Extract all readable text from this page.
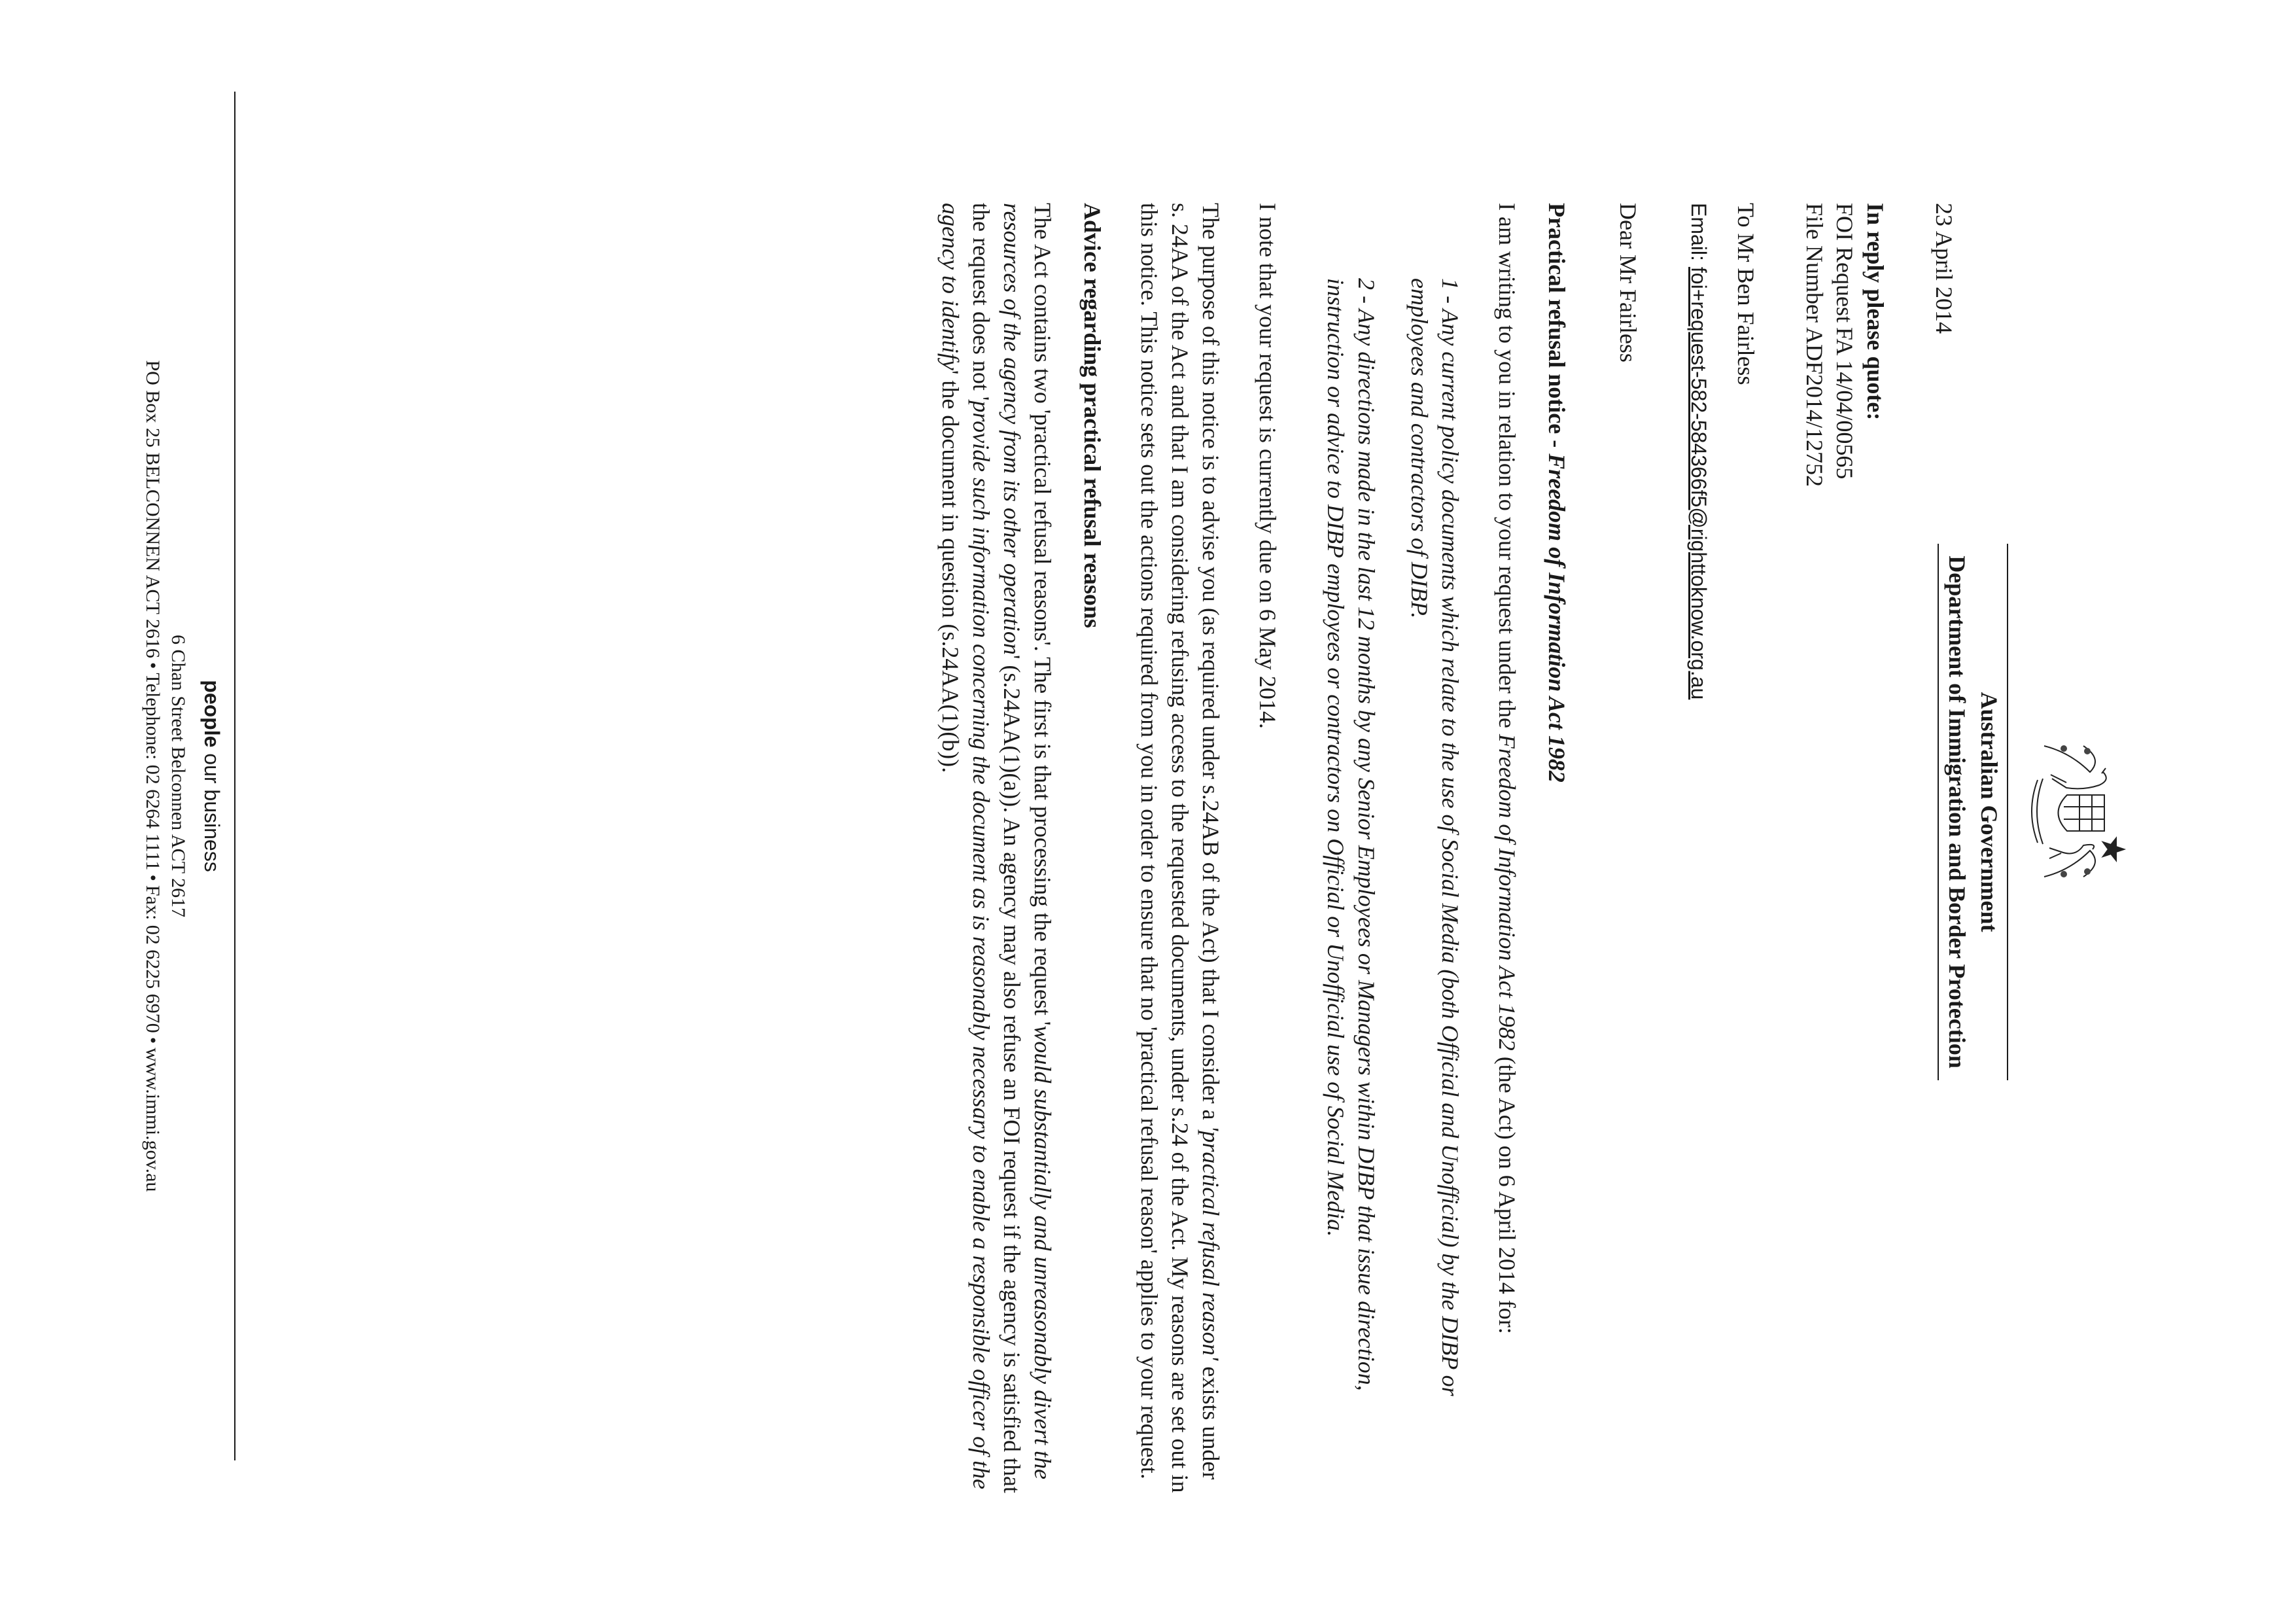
Australian Government
Department of Immigration and Border Protection

23 April 2014

In reply please quote:

FOI Request
FA 14/04/00565
File Number
ADF2014/12752

To Mr Ben Fairless

Email: foi+request-582-584366f5@righttoknow.org.au

Dear Mr Fairless

Practical refusal notice - Freedom of Information Act 1982

I am writing to you in relation to your request under the Freedom of Information Act 1982 (the Act) on 6 April 2014 for:

1 - Any current policy documents which relate to the use of Social Media (both Official and Unofficial) by the DIBP or employees and contractors of DIBP.

2 - Any directions made in the last 12 months by any Senior Employees or Managers within DIBP that issue direction, instruction or advice to DIBP employees or contractors on Official or Unofficial use of Social Media.

I note that your request is currently due on 6 May 2014.

The purpose of this notice is to advise you (as required under s.24AB of the Act) that I consider a 'practical refusal reason' exists under s. 24AA of the Act and that I am considering refusing access to the requested documents, under s.24 of the Act. My reasons are set out in this notice. This notice sets out the actions required from you in order to ensure that no 'practical refusal reason' applies to your request.

Advice regarding practical refusal reasons

The Act contains two 'practical refusal reasons'. The first is that processing the request 'would substantially and unreasonably divert the resources of the agency from its other operation' (s.24AA(1)(a)). An agency may also refuse an FOI request if the agency is satisfied that the request does not 'provide such information concerning the document as is reasonably necessary to enable a responsible officer of the agency to identify' the document in question (s.24AA(1)(b)).

people our business
6 Chan Street Belconnen ACT 2617
PO Box 25 BELCONNEN ACT 2616•Telephone: 02 6264 1111•Fax: 02 6225 6970•www.immi.gov.au
